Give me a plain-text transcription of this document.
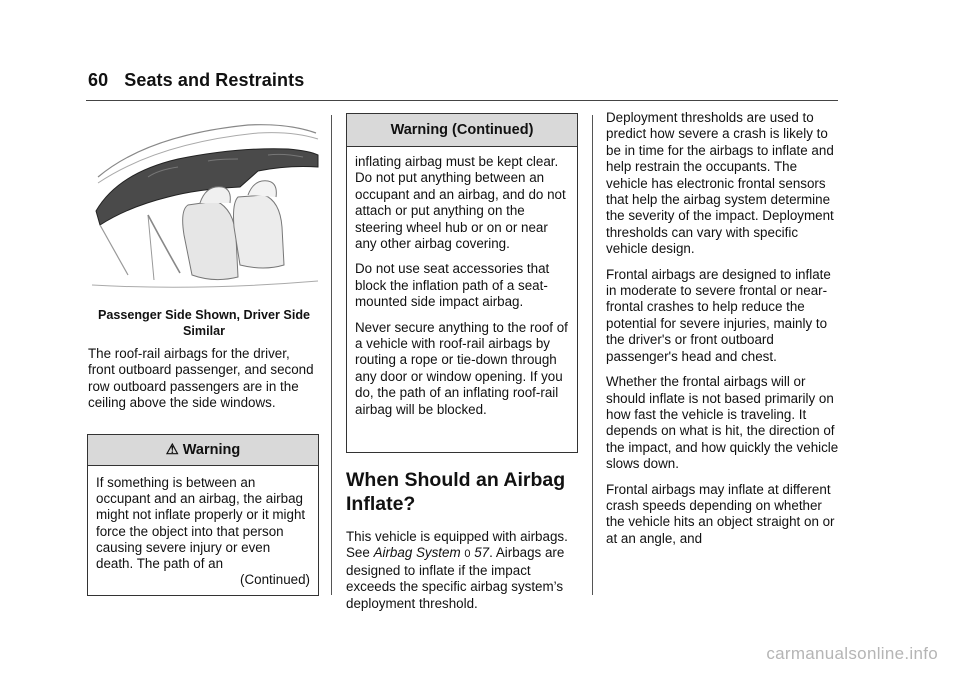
60 Seats and Restraints
Passenger Side Shown, Driver Side Similar

The roof-rail airbags for the driver, front outboard passenger, and second row outboard passengers are in the ceiling above the side windows.

⚠ Warning

If something is between an occupant and an airbag, the airbag might not inflate properly or it might force the object into that person causing severe injury or even death. The path of an

(Continued)

Warning (Continued)

inflating airbag must be kept clear. Do not put anything between an occupant and an airbag, and do not attach or put anything on the steering wheel hub or on or near any other airbag covering.

Do not use seat accessories that block the inflation path of a seat-mounted side impact airbag.

Never secure anything to the roof of a vehicle with roof-rail airbags by routing a rope or tie-down through any door or window opening. If you do, the path of an inflating roof-rail airbag will be blocked.

When Should an Airbag
Inflate?

This vehicle is equipped with airbags. See Airbag System 0 57. Airbags are designed to inflate if the impact exceeds the specific airbag system’s deployment threshold.

Deployment thresholds are used to predict how severe a crash is likely to be in time for the airbags to inflate and help restrain the occupants. The vehicle has electronic frontal sensors that help the airbag system determine the severity of the impact. Deployment thresholds can vary with specific vehicle design.

Frontal airbags are designed to inflate in moderate to severe frontal or near-frontal crashes to help reduce the potential for severe injuries, mainly to the driver's or front outboard passenger's head and chest.

Whether the frontal airbags will or should inflate is not based primarily on how fast the vehicle is traveling. It depends on what is hit, the direction of the impact, and how quickly the vehicle slows down.

Frontal airbags may inflate at different crash speeds depending on whether the vehicle hits an object straight on or at an angle, and

carmanualsonline.info
